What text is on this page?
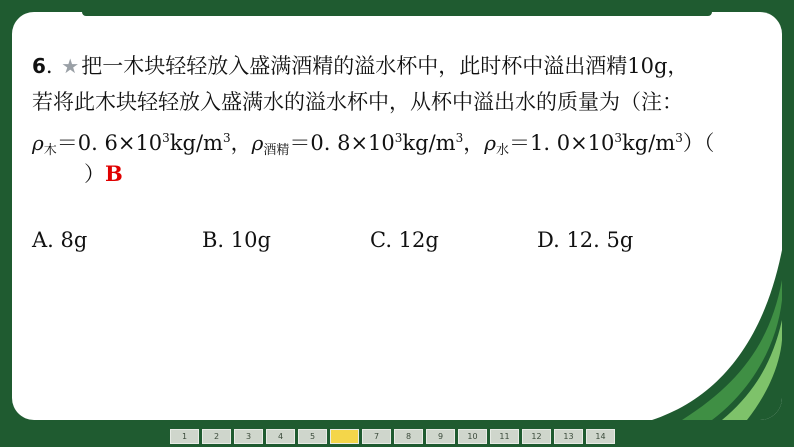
6. ★把一木块轻轻放入盛满酒精的溢水杯中，此时杯中溢出酒精10g，
若将此木块轻轻放入盛满水的溢水杯中，从杯中溢出水的质量为（注：
$\rho_木=0$. $6\times 10^3kg/m^3$，$\rho_{酒精}=0$. $8\times 10^3kg/m^3$，$\rho_水=1$. $0\times 10^3kg/m^3$）（
）B
A. 8g	B. 10g	C. 12g	D. 12. 5g
1	2	3	4	5	6	7	8	9	10	11	12	13	14
